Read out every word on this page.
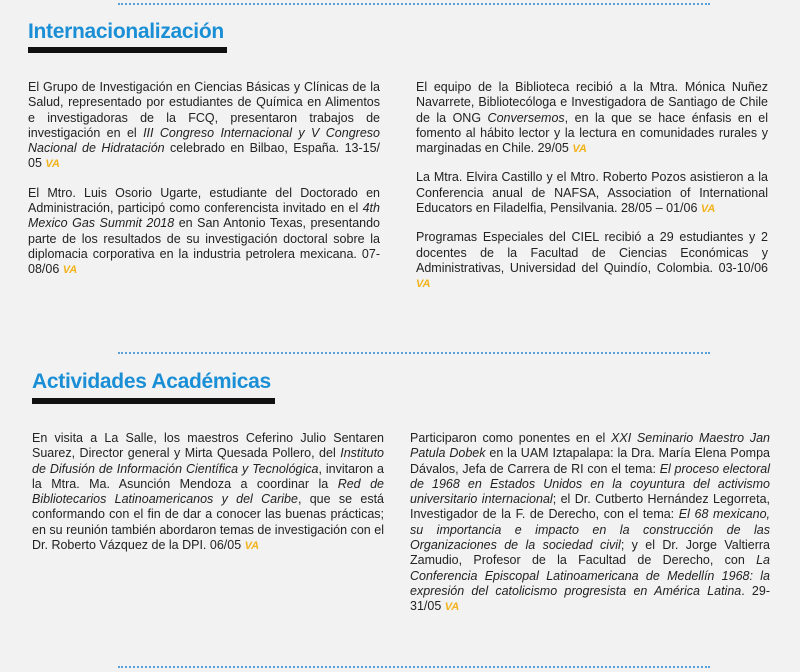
Internacionalización

El Grupo de Investigación en Ciencias Básicas y Clínicas de la Salud, representado por estudiantes de Química en Alimentos e investigadoras de la FCQ, presentaron trabajos de investigación en el III Congreso Internacional y V Congreso Nacional de Hidratación celebrado en Bilbao, España. 13-15/ 05 VA

El Mtro. Luis Osorio Ugarte, estudiante del Doctorado en Administración, participó como conferencista invitado en el 4th Mexico Gas Summit 2018 en San Antonio Texas, presentando parte de los resultados de su investigación doctoral sobre la diplomacia corporativa en la industria petrolera mexicana. 07-08/06 VA

El equipo de la Biblioteca recibió a la Mtra. Mónica Nuñez Navarrete, Bibliotecóloga e Investigadora de Santiago de Chile de la ONG Conversemos, en la que se hace énfasis en el fomento al hábito lector y la lectura en comunidades rurales y marginadas en Chile. 29/05 VA

La Mtra. Elvira Castillo y el Mtro. Roberto Pozos asistieron a la Conferencia anual de NAFSA, Association of International Educators en Filadelfia, Pensilvania. 28/05 – 01/06 VA

Programas Especiales del CIEL recibió a 29 estudiantes y 2 docentes de la Facultad de Ciencias Económicas y Administrativas, Universidad del Quindío, Colombia. 03-10/06 VA

Actividades Académicas

En visita a La Salle, los maestros Ceferino Julio Sentaren Suarez, Director general y Mirta Quesada Pollero, del Instituto de Difusión de Información Científica y Tecnológica, invitaron a la Mtra. Ma. Asunción Mendoza a coordinar la Red de Bibliotecarios Latinoamericanos y del Caribe, que se está conformando con el fin de dar a conocer las buenas prácticas; en su reunión también abordaron temas de investigación con el Dr. Roberto Vázquez de la DPI. 06/05 VA

Participaron como ponentes en el XXI Seminario Maestro Jan Patula Dobek en la UAM Iztapalapa: la Dra. María Elena Pompa Dávalos, Jefa de Carrera de RI con el tema: El proceso electoral de 1968 en Estados Unidos en la coyuntura del activismo universitario internacional; el Dr. Cutberto Hernández Legorreta, Investigador de la F. de Derecho, con el tema: El 68 mexicano, su importancia e impacto en la construcción de las Organizaciones de la sociedad civil; y el Dr. Jorge Valtierra Zamudio, Profesor de la Facultad de Derecho, con La Conferencia Episcopal Latinoamericana de Medellín 1968: la expresión del catolicismo progresista en América Latina. 29-31/05 VA
